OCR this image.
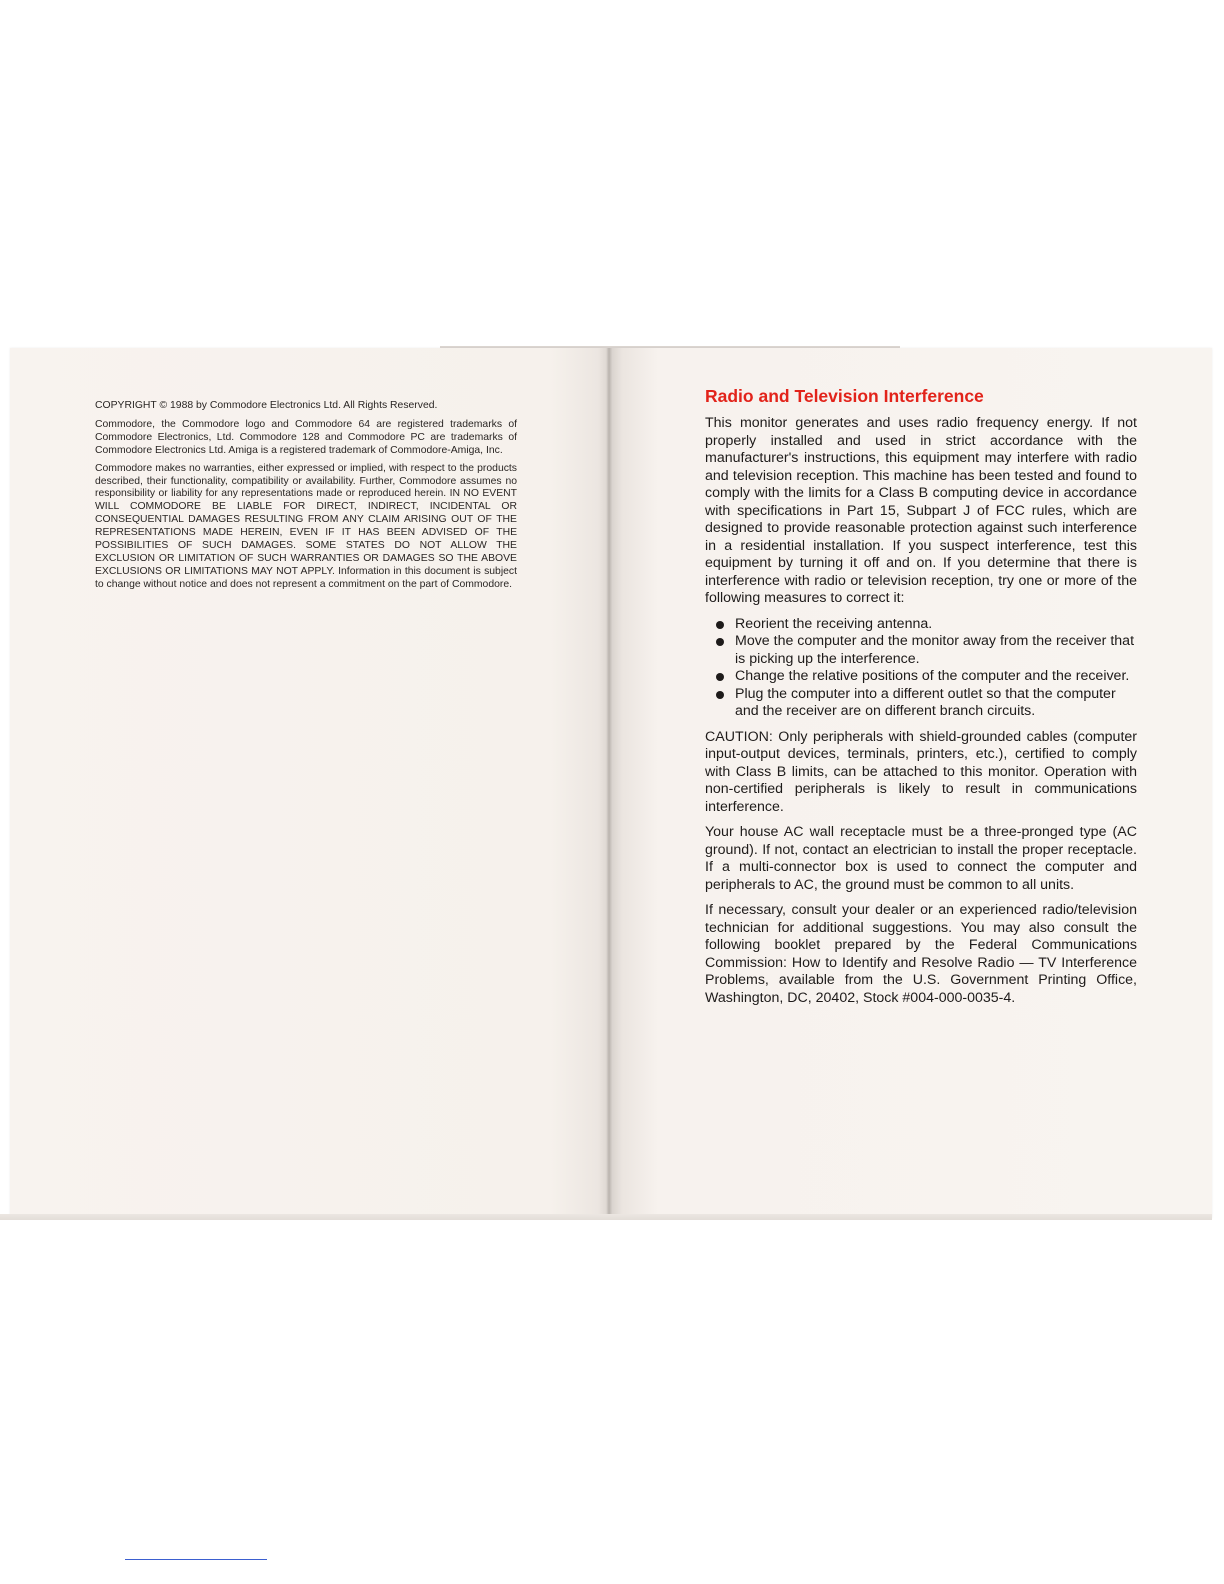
COPYRIGHT © 1988 by Commodore Electronics Ltd. All Rights Reserved.

Commodore, the Commodore logo and Commodore 64 are registered trademarks of Commodore Electronics, Ltd. Commodore 128 and Commodore PC are trademarks of Commodore Electronics Ltd. Amiga is a registered trademark of Commodore-Amiga, Inc.

Commodore makes no warranties, either expressed or implied, with respect to the products described, their functionality, compatibility or availability. Further, Commodore assumes no responsibility or liability for any representations made or reproduced herein. IN NO EVENT WILL COMMODORE BE LIABLE FOR DIRECT, INDIRECT, INCIDENTAL OR CONSEQUENTIAL DAMAGES RESULTING FROM ANY CLAIM ARISING OUT OF THE REPRESENTATIONS MADE HEREIN, EVEN IF IT HAS BEEN ADVISED OF THE POSSIBILITIES OF SUCH DAMAGES. SOME STATES DO NOT ALLOW THE EXCLUSION OR LIMITATION OF SUCH WARRANTIES OR DAMAGES SO THE ABOVE EXCLUSIONS OR LIMITATIONS MAY NOT APPLY. Information in this document is subject to change without notice and does not represent a commitment on the part of Commodore.

Radio and Television Interference

This monitor generates and uses radio frequency energy. If not properly installed and used in strict accordance with the manufacturer's instructions, this equipment may interfere with radio and television reception. This machine has been tested and found to comply with the limits for a Class B computing device in accordance with specifications in Part 15, Subpart J of FCC rules, which are designed to provide reasonable protection against such interference in a residential installation. If you suspect interference, test this equipment by turning it off and on. If you determine that there is interference with radio or television reception, try one or more of the following measures to correct it:

Reorient the receiving antenna.
Move the computer and the monitor away from the receiver that is picking up the interference.
Change the relative positions of the computer and the receiver.
Plug the computer into a different outlet so that the computer and the receiver are on different branch circuits.

CAUTION: Only peripherals with shield-grounded cables (computer input-output devices, terminals, printers, etc.), certified to comply with Class B limits, can be attached to this monitor. Operation with non-certified peripherals is likely to result in communications interference.

Your house AC wall receptacle must be a three-pronged type (AC ground). If not, contact an electrician to install the proper receptacle. If a multi-connector box is used to connect the computer and peripherals to AC, the ground must be common to all units.

If necessary, consult your dealer or an experienced radio/television technician for additional suggestions. You may also consult the following booklet prepared by the Federal Communications Commission: How to Identify and Resolve Radio — TV Interference Problems, available from the U.S. Government Printing Office, Washington, DC, 20402, Stock #004-000-0035-4.
